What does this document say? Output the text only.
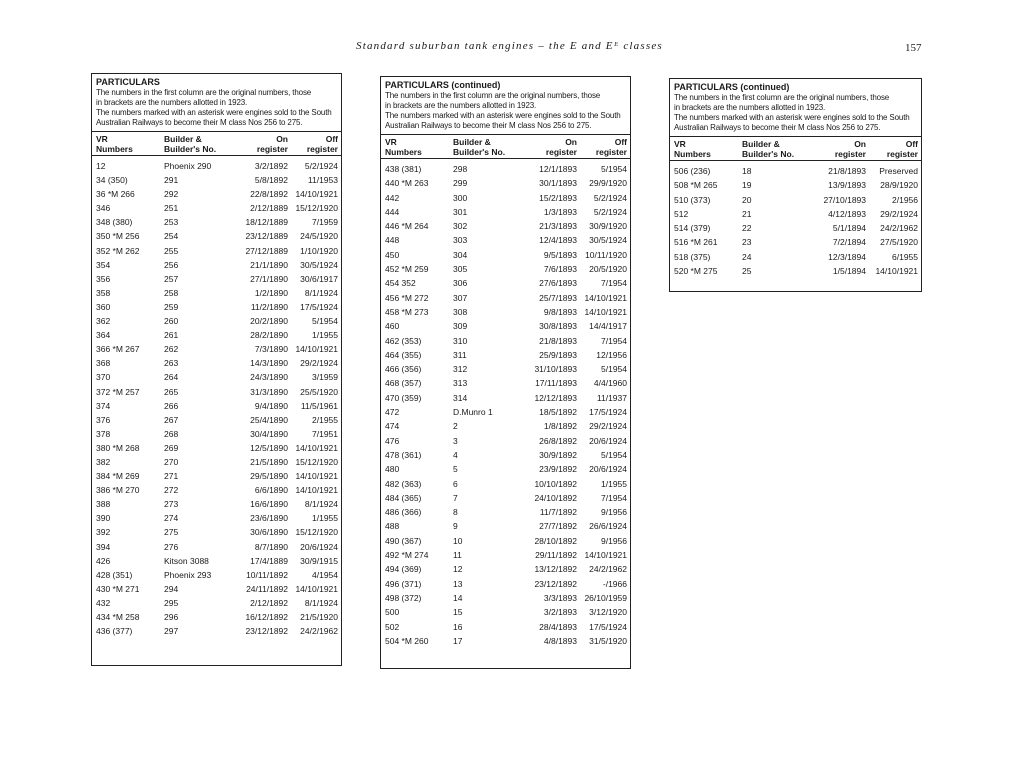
Standard suburban tank engines – the E and Eᴱ classes	157
PARTICULARS
The numbers in the first column are the original numbers, those
in brackets are the numbers allotted in 1923.
The numbers marked with an asterisk were engines sold to the South
Australian Railways to become their M class Nos 256 to 275.
VR
Numbers
Builder &
Builder's No.
On
register
Off
register
12	Phoenix 290	3/2/1892	5/2/1924
34 (350)	291	5/8/1892	11/1953
36 *M 266	292	22/8/1892 14/10/1921
346	251	2/12/1889 15/12/1920
348 (380)	253	18/12/1889	7/1959
350 *M 256	254	23/12/1889	24/5/1920
352 *M 262	255	27/12/1889	1/10/1920
354	256	21/1/1890	30/5/1924
356	257	27/1/1890	30/6/1917
358	258	1/2/1890	8/1/1924
360	259	11/2/1890	17/5/1924
362	260	20/2/1890	5/1954
364	261	28/2/1890	1/1955
366 *M 267	262	7/3/1890 14/10/1921
368	263	14/3/1890	29/2/1924
370	264	24/3/1890	3/1959
372 *M 257	265	31/3/1890	25/5/1920
374	266	9/4/1890	11/5/1961
376	267	25/4/1890	2/1955
378	268	30/4/1890	7/1951
380 *M 268	269	12/5/1890 14/10/1921
382	270	21/5/1890 15/12/1920
384 *M 269	271	29/5/1890 14/10/1921
386 *M 270	272	6/6/1890 14/10/1921
388	273	16/6/1890	8/1/1924
390	274	23/6/1890	1/1955
392	275	30/6/1890 15/12/1920
394	276	8/7/1890	20/6/1924
426	Kitson 3088	17/4/1889	30/9/1915
428 (351)	Phoenix 293	10/11/1892	4/1954
430 *M 271	294	24/11/1892 14/10/1921
432	295	2/12/1892	8/1/1924
434 *M 258	296	16/12/1892	21/5/1920
436 (377)	297	23/12/1892	24/2/1962
PARTICULARS (continued)
The numbers in the first column are the original numbers, those
in brackets are the numbers allotted in 1923.
The numbers marked with an asterisk were engines sold to the South
Australian Railways to become their M class Nos 256 to 275.
VR
Numbers
Builder &
Builder's No.
On
register
Off
register
438 (381)	298	12/1/1893	5/1954
440 *M 263	299	30/1/1893	29/9/1920
442	300	15/2/1893	5/2/1924
444	301	1/3/1893	5/2/1924
446 *M 264	302	21/3/1893	30/9/1920
448	303	12/4/1893	30/5/1924
450	304	9/5/1893 10/11/1920
452 *M 259	305	7/6/1893	20/5/1920
454 352	306	27/6/1893	7/1954
456 *M 272	307	25/7/1893 14/10/1921
458 *M 273	308	9/8/1893 14/10/1921
460	309	30/8/1893	14/4/1917
462 (353)	310	21/8/1893	7/1954
464 (355)	311	25/9/1893	12/1956
466 (356)	312	31/10/1893	5/1954
468 (357)	313	17/11/1893	4/4/1960
470 (359)	314	12/12/1893	11/1937
472	D.Munro 1	18/5/1892	17/5/1924
474	2	1/8/1892	29/2/1924
476	3	26/8/1892	20/6/1924
478 (361)	4	30/9/1892	5/1954
480	5	23/9/1892	20/6/1924
482 (363)	6	10/10/1892	1/1955
484 (365)	7	24/10/1892	7/1954
486 (366)	8	11/7/1892	9/1956
488	9	27/7/1892	26/6/1924
490 (367)	10	28/10/1892	9/1956
492 *M 274	11	29/11/1892 14/10/1921
494 (369)	12	13/12/1892	24/2/1962
496 (371)	13	23/12/1892	-/1966
498 (372)	14	3/3/1893 26/10/1959
500	15	3/2/1893	3/12/1920
502	16	28/4/1893	17/5/1924
504 *M 260	17	4/8/1893	31/5/1920
PARTICULARS (continued)
The numbers in the first column are the original numbers, those
in brackets are the numbers allotted in 1923.
The numbers marked with an asterisk were engines sold to the South
Australian Railways to become their M class Nos 256 to 275.
VR
Numbers
Builder &
Builder's No.
On
register
Off
register
506 (236)	18	21/8/1893	Preserved
508 *M 265	19	13/9/1893	28/9/1920
510 (373)	20	27/10/1893	2/1956
512	21	4/12/1893	29/2/1924
514 (379)	22	5/1/1894	24/2/1962
516 *M 261	23	7/2/1894	27/5/1920
518 (375)	24	12/3/1894	6/1955
520 *M 275	25	1/5/1894	14/10/1921
